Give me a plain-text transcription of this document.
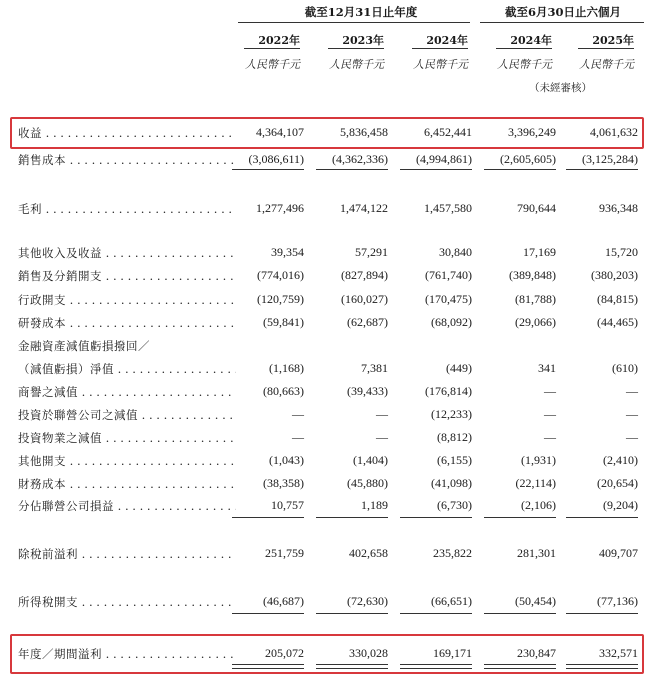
截至12月31日止年度	截至6月30日止六個月
2022年	2023年	2024年	2024年	2025年
人民幣千元	人民幣千元	人民幣千元	人民幣千元	人民幣千元
（未經審核）
收益 . . .	4,364,107	5,836,458	6,452,441	3,396,249	4,061,632
銷售成本 . . .	(3,086,611)	(4,362,336)	(4,994,861)	(2,605,605)	(3,125,284)
毛利 . . .	1,277,496	1,474,122	1,457,580	790,644	936,348
其他收入及收益 . . .	39,354	57,291	30,840	17,169	15,720
銷售及分銷開支 . . .	(774,016)	(827,894)	(761,740)	(389,848)	(380,203)
行政開支 . . .	(120,759)	(160,027)	(170,475)	(81,788)	(84,815)
研發成本 . . .	(59,841)	(62,687)	(68,092)	(29,066)	(44,465)
金融資產減值虧損撥回／
（減值虧損）淨值 . . .	(1,168)	7,381	(449)	341	(610)
商譽之減值 . . .	(80,663)	(39,433)	(176,814)	—	—
投資於聯營公司之減值 . . .	—	—	(12,233)	—	—
投資物業之減值 . . .	—	—	(8,812)	—	—
其他開支 . . .	(1,043)	(1,404)	(6,155)	(1,931)	(2,410)
財務成本 . . .	(38,358)	(45,880)	(41,098)	(22,114)	(20,654)
分佔聯營公司損益 . . .	10,757	1,189	(6,730)	(2,106)	(9,204)
除稅前溢利 . . .	251,759	402,658	235,822	281,301	409,707
所得稅開支 . . .	(46,687)	(72,630)	(66,651)	(50,454)	(77,136)
年度／期間溢利 . . .	205,072	330,028	169,171	230,847	332,571
